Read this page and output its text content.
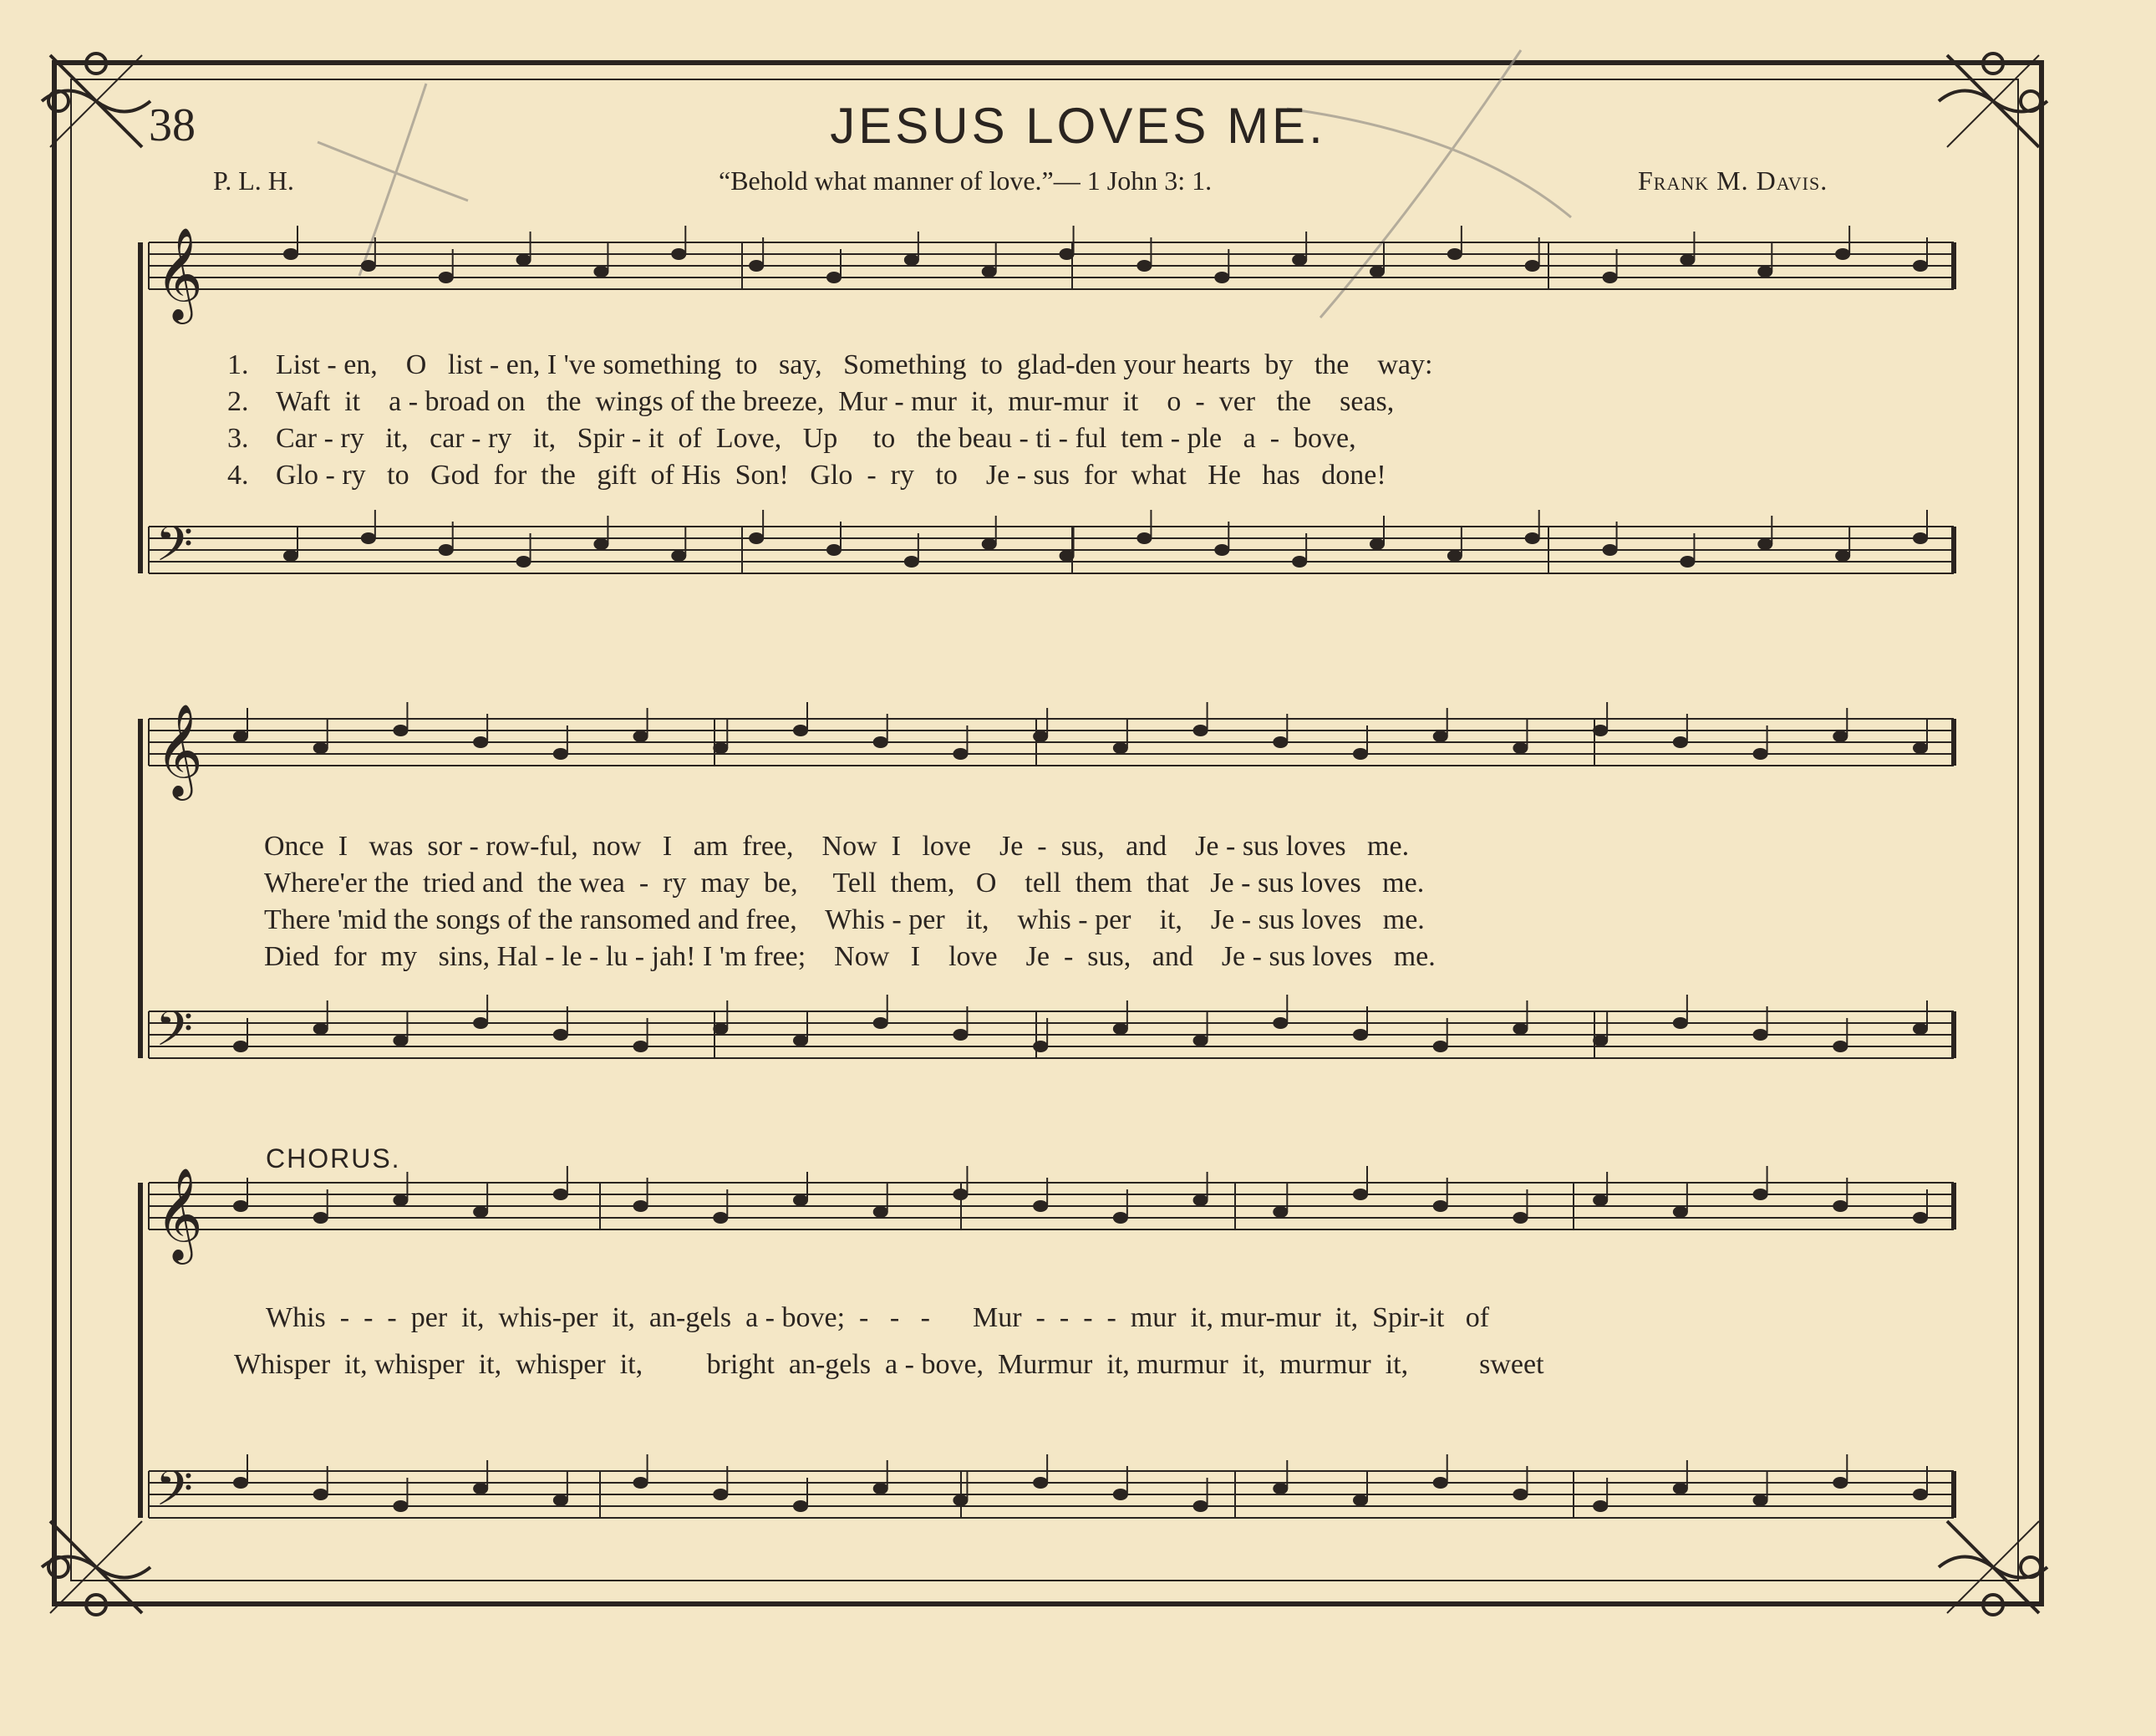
38	JESUS LOVES ME.
P. L. H.	“Behold what manner of love.”— 1 John 3: 1.	Frank M. Davis.
𝄞
𝄢
𝄞
𝄢
𝄞
𝄢
1.
2.
3.
4.
List - en,    O   list - en, I 've something  to   say,   Something  to  glad-den your hearts  by   the    way:
Waft  it    a - broad on   the  wings of the breeze,  Mur - mur  it,  mur-mur  it    o  -  ver   the    seas,
Car - ry   it,   car - ry   it,   Spir - it  of  Love,   Up     to   the beau - ti - ful  tem - ple   a  -  bove,
Glo - ry   to   God  for  the   gift  of His  Son!   Glo  -  ry   to    Je - sus  for  what   He   has   done!
Once  I   was  sor - row-ful,  now   I   am  free,    Now  I   love    Je  -  sus,   and    Je - sus loves   me.
Where'er the  tried and  the wea  -  ry  may  be,     Tell  them,   O    tell  them  that   Je - sus loves   me.
There 'mid the songs of the ransomed and free,    Whis - per   it,    whis - per    it,    Je - sus loves   me.
Died  for  my   sins, Hal - le - lu - jah! I 'm free;    Now   I    love    Je  -  sus,   and    Je - sus loves   me.
CHORUS.
Whis  -  -  -  per  it,  whis-per  it,  an-gels  a - bove;  -   -   -      Mur  -  -  -  -  mur  it, mur-mur  it,  Spir-it   of
Whisper  it, whisper  it,  whisper  it,         bright  an-gels  a - bove,  Murmur  it, murmur  it,  murmur  it,          sweet
